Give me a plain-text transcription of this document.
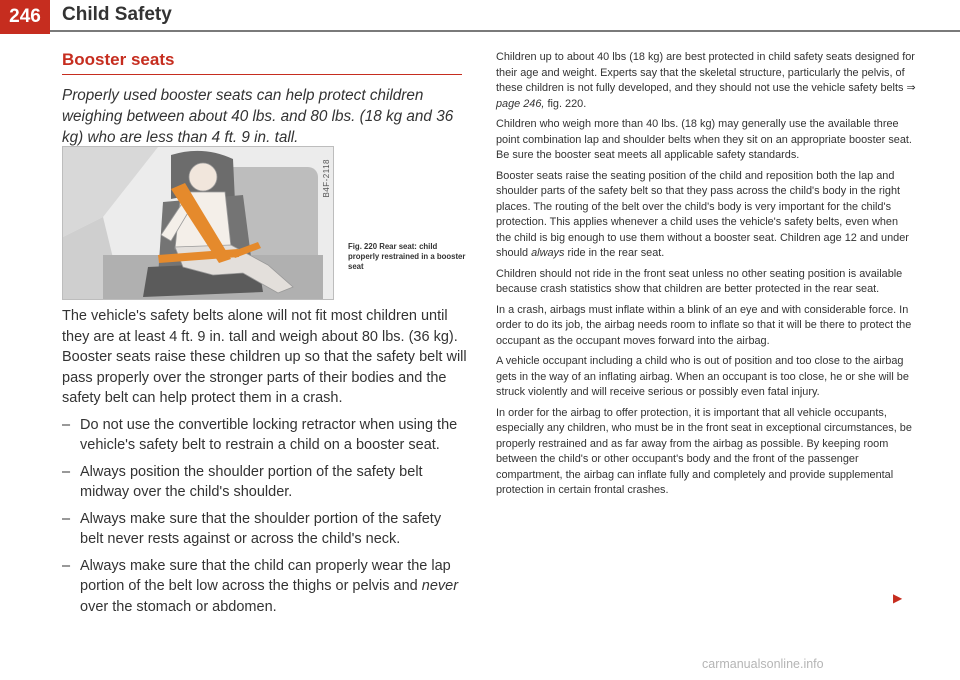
246	Child Safety
Booster seats
Properly used booster seats can help protect children weighing between about 40 lbs. and 80 lbs. (18 kg and 36 kg) who are less than 4 ft. 9 in. tall.
B4F-2118
Fig. 220 Rear seat: child properly restrained in a booster seat

The vehicle's safety belts alone will not fit most children until they are at least 4 ft. 9 in. tall and weigh about 80 lbs. (36 kg). Booster seats raise these children up so that the safety belt will pass properly over the stronger parts of their bodies and the safety belt can help protect them in a crash.

– Do not use the convertible locking retractor when using the vehicle's safety belt to restrain a child on a booster seat.
– Always position the shoulder portion of the safety belt midway over the child's shoulder.
– Always make sure that the shoulder portion of the safety belt never rests against or across the child's neck.
– Always make sure that the child can properly wear the lap portion of the belt low across the thighs or pelvis and never over the stomach or abdomen.

Children up to about 40 lbs (18 kg) are best protected in child safety seats designed for their age and weight. Experts say that the skeletal structure, particularly the pelvis, of these children is not fully developed, and they should not use the vehicle safety belts ⇒ page 246, fig. 220.

Children who weigh more than 40 lbs. (18 kg) may generally use the available three point combination lap and shoulder belts when they sit on an appropriate booster seat. Be sure the booster seat meets all applicable safety standards.

Booster seats raise the seating position of the child and reposition both the lap and shoulder parts of the safety belt so that they pass across the child's body in the right places. The routing of the belt over the child's body is very important for the child's protection. This applies whenever a child uses the vehicle's safety belts, even when the child is big enough to use them without a booster seat. Children age 12 and under should always ride in the rear seat.

Children should not ride in the front seat unless no other seating position is available because crash statistics show that children are better protected in the rear seat.

In a crash, airbags must inflate within a blink of an eye and with considerable force. In order to do its job, the airbag needs room to inflate so that it will be there to protect the occupant as the occupant moves forward into the airbag.

A vehicle occupant including a child who is out of position and too close to the airbag gets in the way of an inflating airbag. When an occupant is too close, he or she will be struck violently and will receive serious or possibly even fatal injury.

In order for the airbag to offer protection, it is important that all vehicle occupants, especially any children, who must be in the front seat in exceptional circumstances, be properly restrained and as far away from the airbag as possible. By keeping room between the child's or other occupant's body and the front of the passenger compartment, the airbag can inflate fully and completely and provide supplemental protection in certain frontal crashes.

▶
carmanualsonline.info
